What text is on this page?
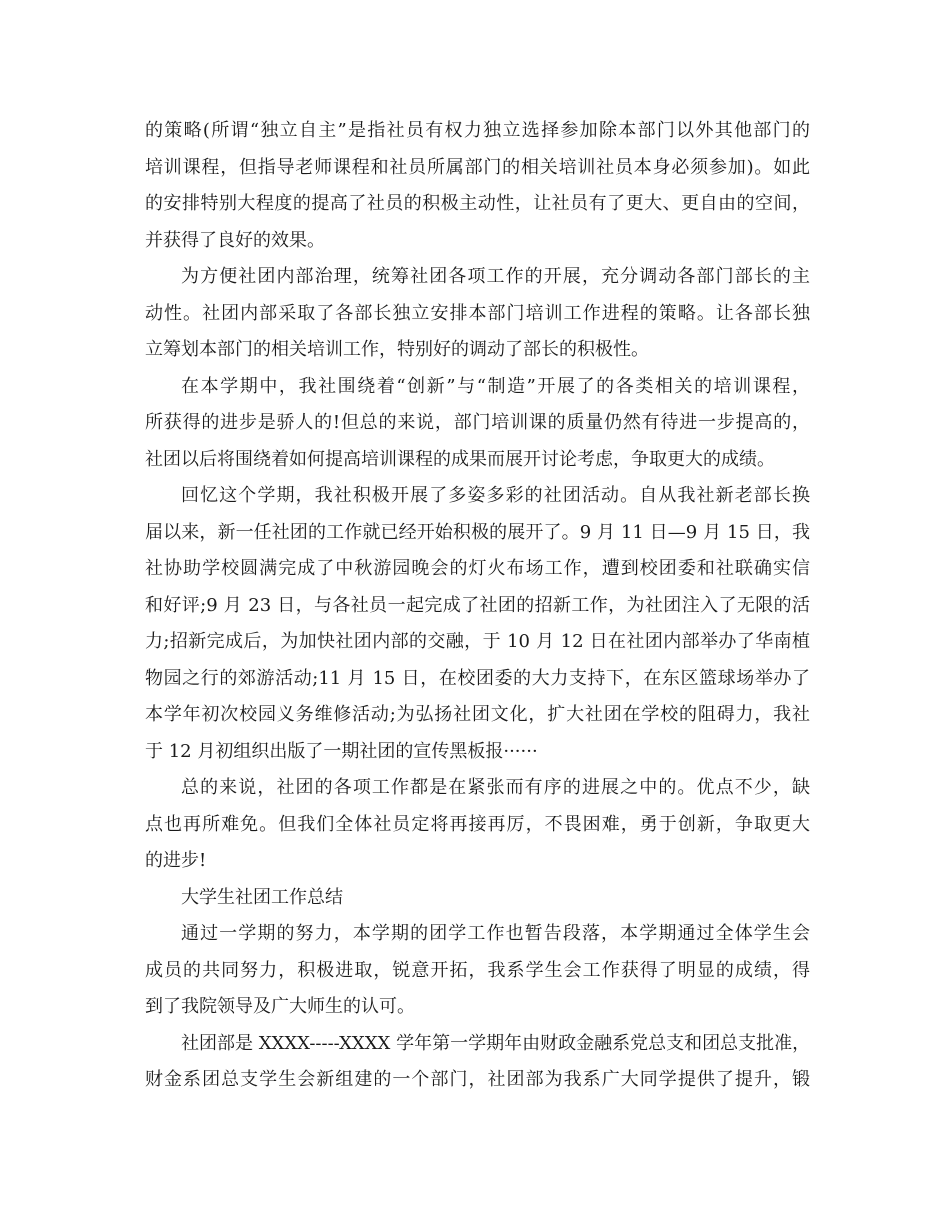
的策略(所谓“独立自主”是指社员有权力独立选择参加除本部门以外其他部门的
培训课程，但指导老师课程和社员所属部门的相关培训社员本身必须参加)。如此
的安排特别大程度的提高了社员的积极主动性，让社员有了更大、更自由的空间，
并获得了良好的效果。
为方便社团内部治理，统筹社团各项工作的开展，充分调动各部门部长的主
动性。社团内部采取了各部长独立安排本部门培训工作进程的策略。让各部长独
立筹划本部门的相关培训工作，特别好的调动了部长的积极性。
在本学期中，我社围绕着“创新”与“制造”开展了的各类相关的培训课程，
所获得的进步是骄人的!但总的来说，部门培训课的质量仍然有待进一步提高的，
社团以后将围绕着如何提高培训课程的成果而展开讨论考虑，争取更大的成绩。
回忆这个学期，我社积极开展了多姿多彩的社团活动。自从我社新老部长换
届以来，新一任社团的工作就已经开始积极的展开了。9 月 11 日—9 月 15 日，我
社协助学校圆满完成了中秋游园晚会的灯火布场工作，遭到校团委和社联确实信
和好评;9 月 23 日，与各社员一起完成了社团的招新工作，为社团注入了无限的活
力;招新完成后，为加快社团内部的交融，于 10 月 12 日在社团内部举办了华南植
物园之行的郊游活动;11 月 15 日，在校团委的大力支持下，在东区篮球场举办了
本学年初次校园义务维修活动;为弘扬社团文化，扩大社团在学校的阻碍力，我社
于 12 月初组织出版了一期社团的宣传黑板报······
总的来说，社团的各项工作都是在紧张而有序的进展之中的。优点不少，缺
点也再所难免。但我们全体社员定将再接再厉，不畏困难，勇于创新，争取更大
的进步!
大学生社团工作总结
通过一学期的努力，本学期的团学工作也暂告段落，本学期通过全体学生会
成员的共同努力，积极进取，锐意开拓，我系学生会工作获得了明显的成绩，得
到了我院领导及广大师生的认可。
社团部是 XXXX-----XXXX 学年第一学期年由财政金融系党总支和团总支批准，
财金系团总支学生会新组建的一个部门，社团部为我系广大同学提供了提升，锻
